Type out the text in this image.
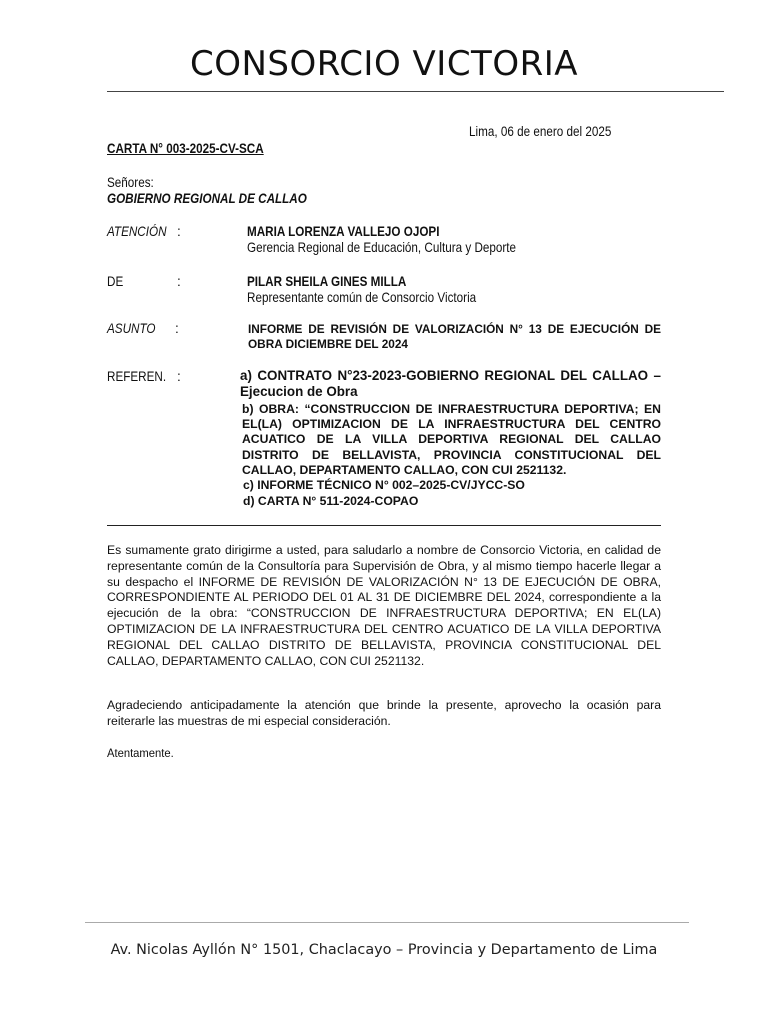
CONSORCIO VICTORIA
Lima, 06 de enero del 2025
CARTA N° 003-2025-CV-SCA
Señores:
GOBIERNO REGIONAL DE CALLAO
ATENCIÓN :	MARIA LORENZA VALLEJO OJOPI
Gerencia Regional de Educación, Cultura y Deporte
DE	:	PILAR SHEILA GINES MILLA
Representante común de Consorcio Victoria
ASUNTO :	INFORME DE REVISIÓN DE VALORIZACIÓN N° 13 DE EJECUCIÓN DE OBRA DICIEMBRE DEL 2024
REFEREN. :	a) CONTRATO N°23-2023-GOBIERNO REGIONAL DEL CALLAO – Ejecucion de Obra
b) OBRA: “CONSTRUCCION DE INFRAESTRUCTURA DEPORTIVA; EN EL(LA) OPTIMIZACION DE LA INFRAESTRUCTURA DEL CENTRO ACUATICO DE LA VILLA DEPORTIVA REGIONAL DEL CALLAO DISTRITO DE BELLAVISTA, PROVINCIA CONSTITUCIONAL DEL CALLAO, DEPARTAMENTO CALLAO, CON CUI 2521132.
c) INFORME TÉCNICO N° 002–2025-CV/JYCC-SO
d) CARTA N° 511-2024-COPAO
Es sumamente grato dirigirme a usted, para saludarlo a nombre de Consorcio Victoria, en calidad de representante común de la Consultoría para Supervisión de Obra, y al mismo tiempo hacerle llegar a su despacho el INFORME DE REVISIÓN DE VALORIZACIÓN N° 13 DE EJECUCIÓN DE OBRA, CORRESPONDIENTE AL PERIODO DEL 01 AL 31 DE DICIEMBRE DEL 2024, correspondiente a la ejecución de la obra: “CONSTRUCCION DE INFRAESTRUCTURA DEPORTIVA; EN EL(LA) OPTIMIZACION DE LA INFRAESTRUCTURA DEL CENTRO ACUATICO DE LA VILLA DEPORTIVA REGIONAL DEL CALLAO DISTRITO DE BELLAVISTA, PROVINCIA CONSTITUCIONAL DEL CALLAO, DEPARTAMENTO CALLAO, CON CUI 2521132.
Agradeciendo anticipadamente la atención que brinde la presente, aprovecho la ocasión para reiterarle las muestras de mi especial consideración.
Atentamente.
Av. Nicolas Ayllón N° 1501, Chaclacayo – Provincia y Departamento de Lima
